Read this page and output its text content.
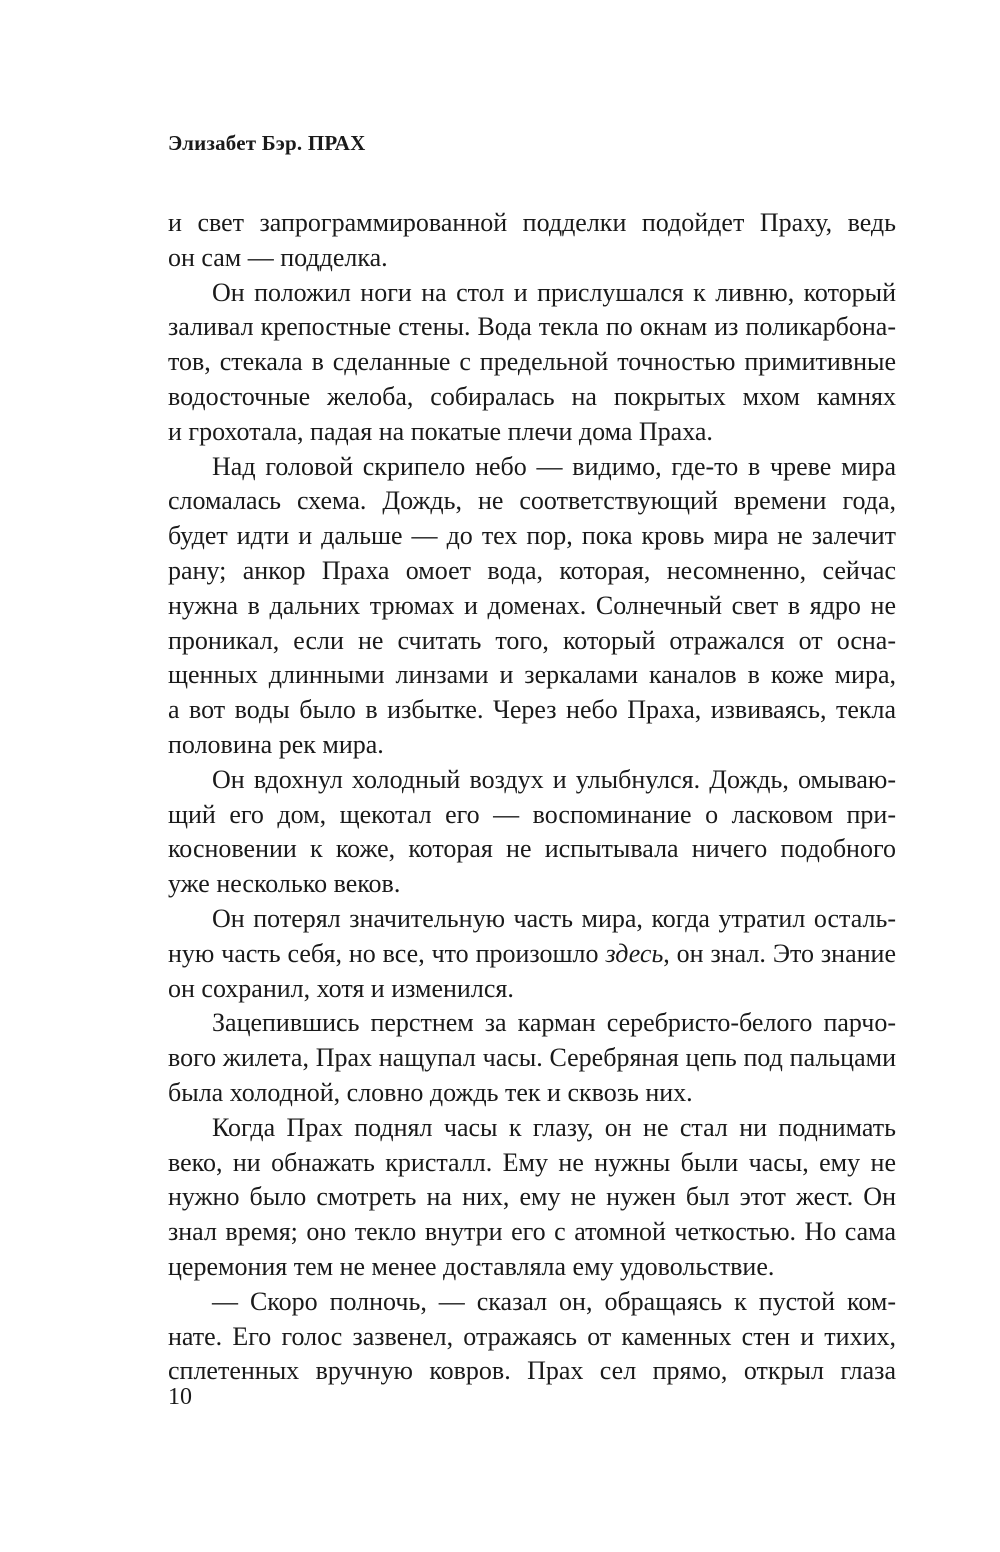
Элизабет Бэр. ПРАХ

и свет запрограммированной подделки подойдет Праху, ведь
он сам — подделка.
Он положил ноги на стол и прислушался к ливню, который
заливал крепостные стены. Вода текла по окнам из поликарбона-
тов, стекала в сделанные с предельной точностью примитивные
водосточные желоба, собиралась на покрытых мхом камнях
и грохотала, падая на покатые плечи дома Праха.
Над головой скрипело небо — видимо, где-то в чреве мира
сломалась схема. Дождь, не соответствующий времени года,
будет идти и дальше — до тех пор, пока кровь мира не залечит
рану; анкор Праха омоет вода, которая, несомненно, сейчас
нужна в дальних трюмах и доменах. Солнечный свет в ядро не
проникал, если не считать того, который отражался от осна-
щенных длинными линзами и зеркалами каналов в коже мира,
а вот воды было в избытке. Через небо Праха, извиваясь, текла
половина рек мира.
Он вдохнул холодный воздух и улыбнулся. Дождь, омываю-
щий его дом, щекотал его — воспоминание о ласковом при-
косновении к коже, которая не испытывала ничего подобного
уже несколько веков.
Он потерял значительную часть мира, когда утратил осталь-
ную часть себя, но все, что произошло здесь, он знал. Это знание
он сохранил, хотя и изменился.
Зацепившись перстнем за карман серебристо-белого парчо-
вого жилета, Прах нащупал часы. Серебряная цепь под пальцами
была холодной, словно дождь тек и сквозь них.
Когда Прах поднял часы к глазу, он не стал ни поднимать
веко, ни обнажать кристалл. Ему не нужны были часы, ему не
нужно было смотреть на них, ему не нужен был этот жест. Он
знал время; оно текло внутри его с атомной четкостью. Но сама
церемония тем не менее доставляла ему удовольствие.
— Скоро полночь, — сказал он, обращаясь к пустой ком-
нате. Его голос зазвенел, отражаясь от каменных стен и тихих,
сплетенных вручную ковров. Прах сел прямо, открыл глаза

10
